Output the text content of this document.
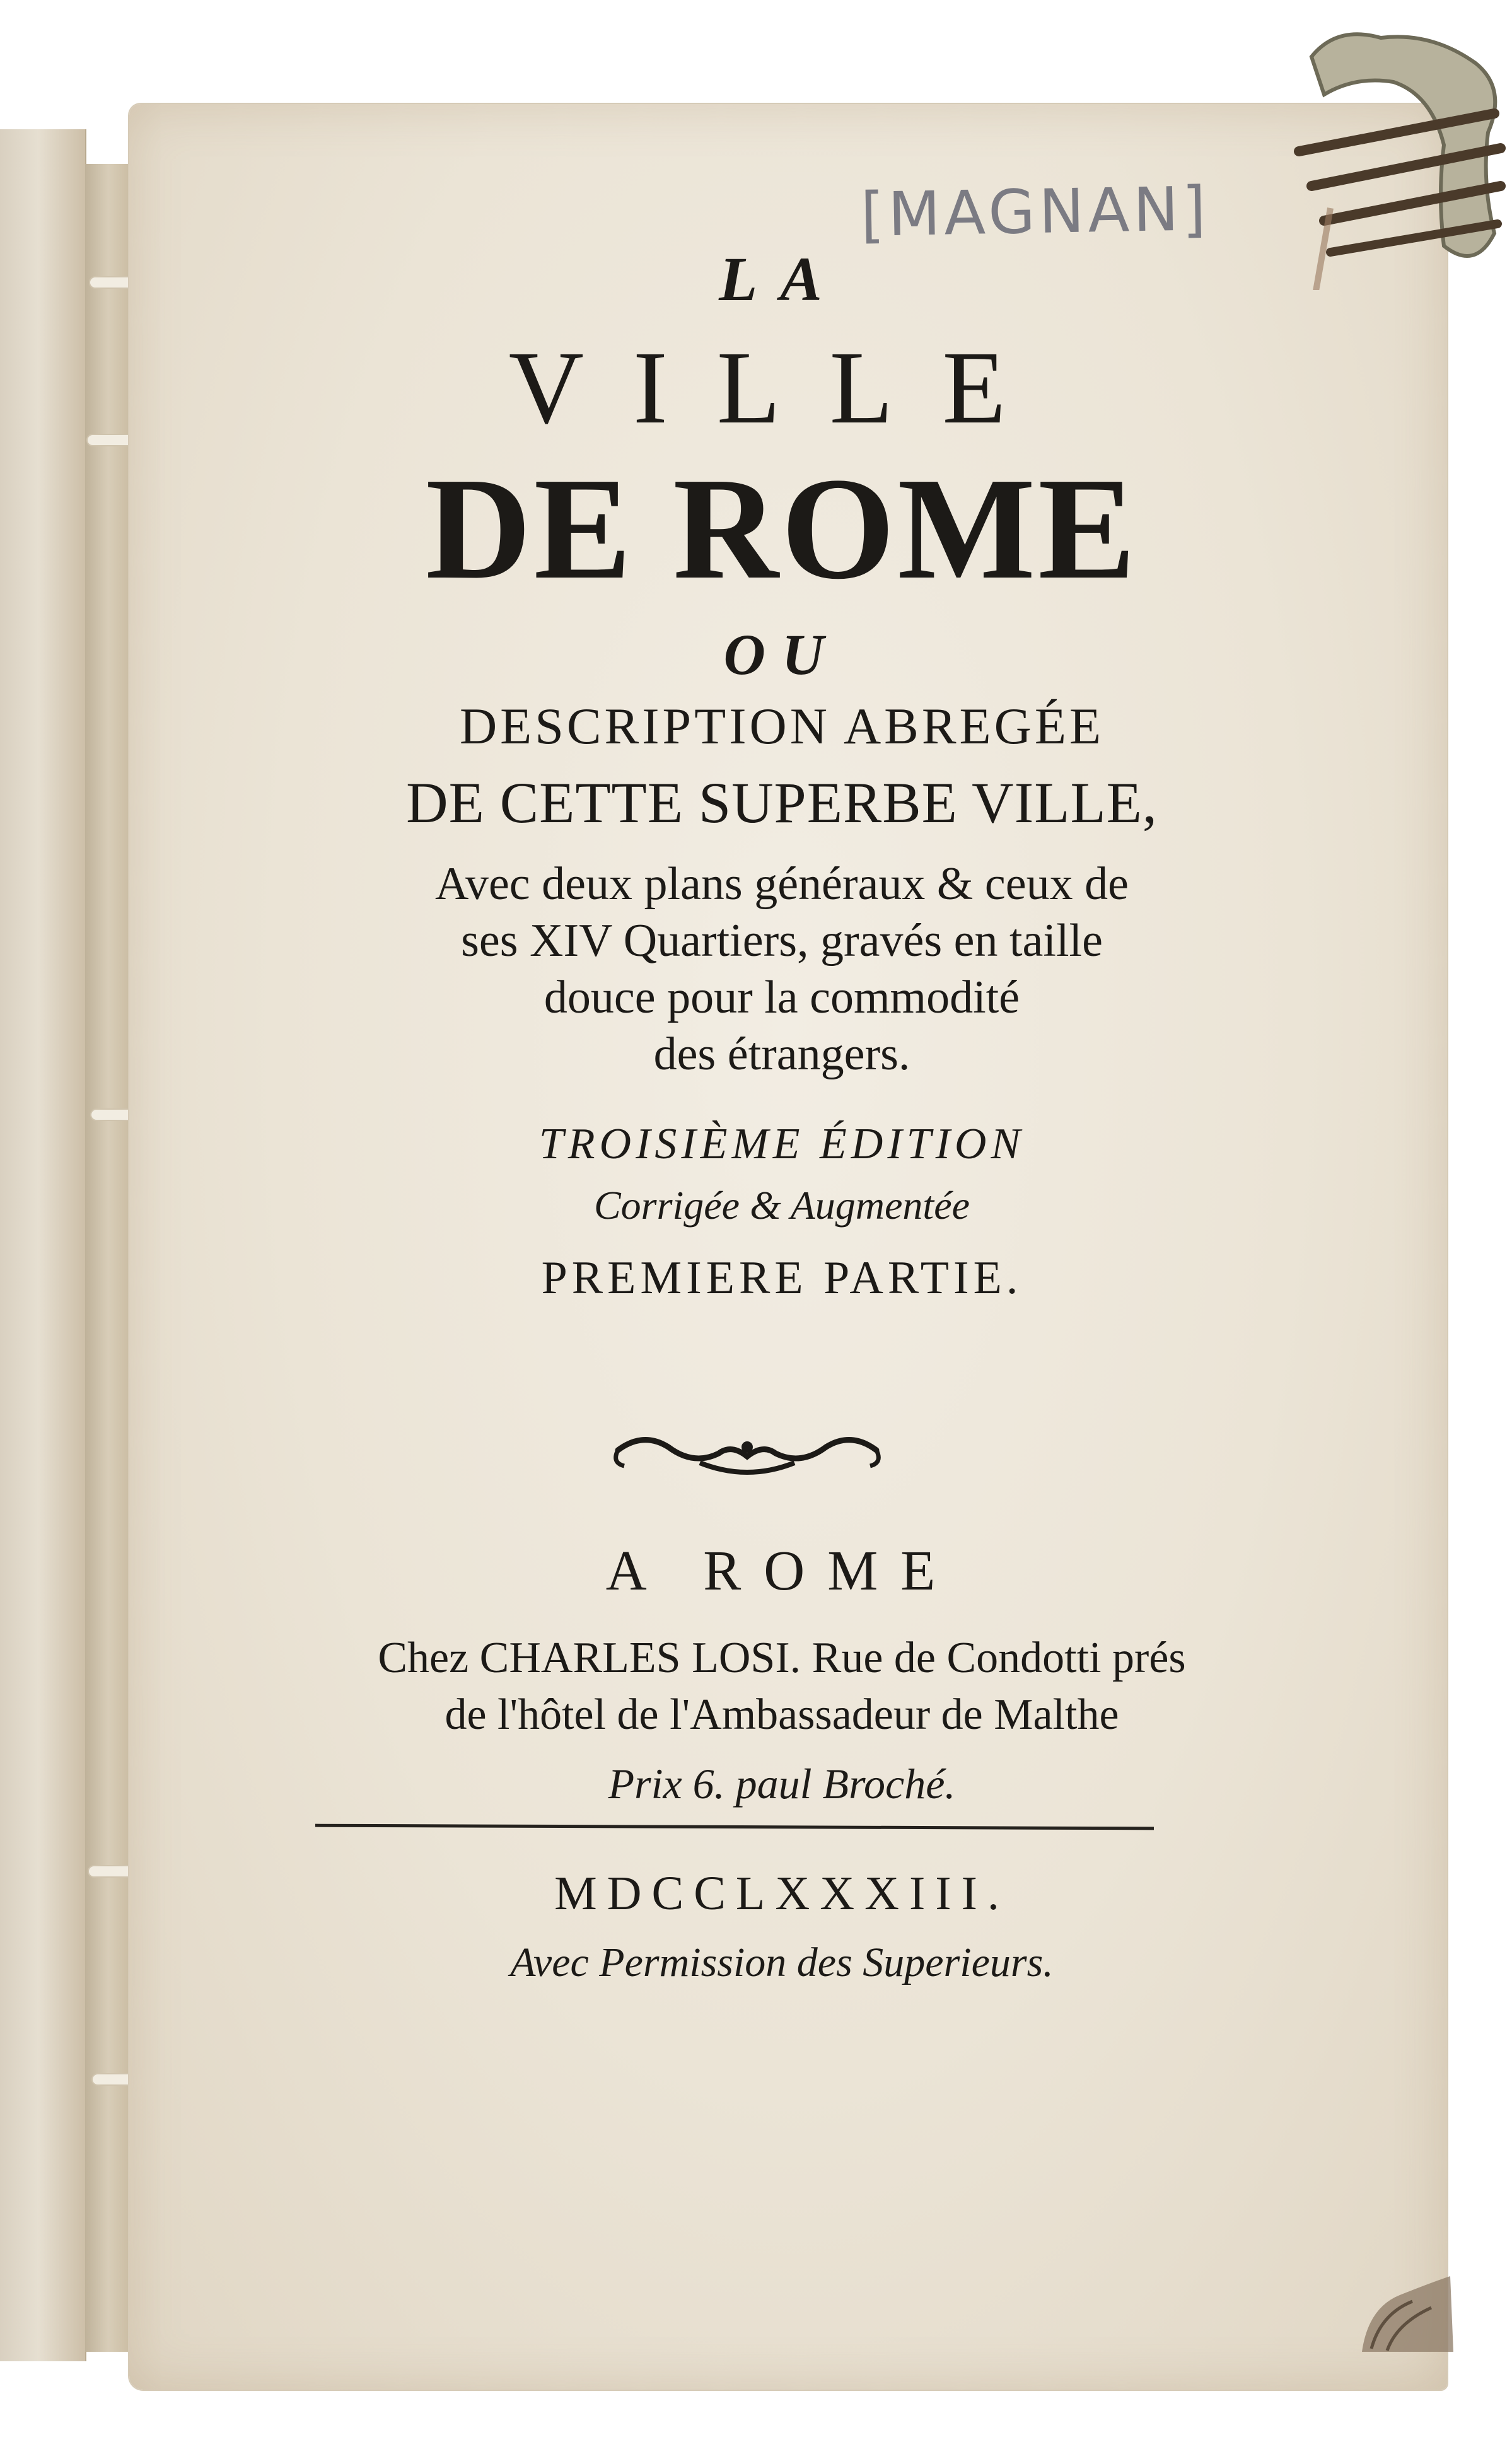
[MAGNAN]
LA
VILLE
DE ROME
OU
DESCRIPTION ABREGÉE
DE CETTE SUPERBE VILLE,
Avec deux plans généraux & ceux de
ses XIV Quartiers, gravés en taille
douce pour la commodité
des étrangers.
TROISIÈME ÉDITION
Corrigée & Augmentée
PREMIERE PARTIE.
A ROME
Chez CHARLES LOSI. Rue de Condotti prés
de l'hôtel de l'Ambassadeur de Malthe
Prix 6. paul Broché.
MDCCLXXXIII.
Avec Permission des Superieurs.
